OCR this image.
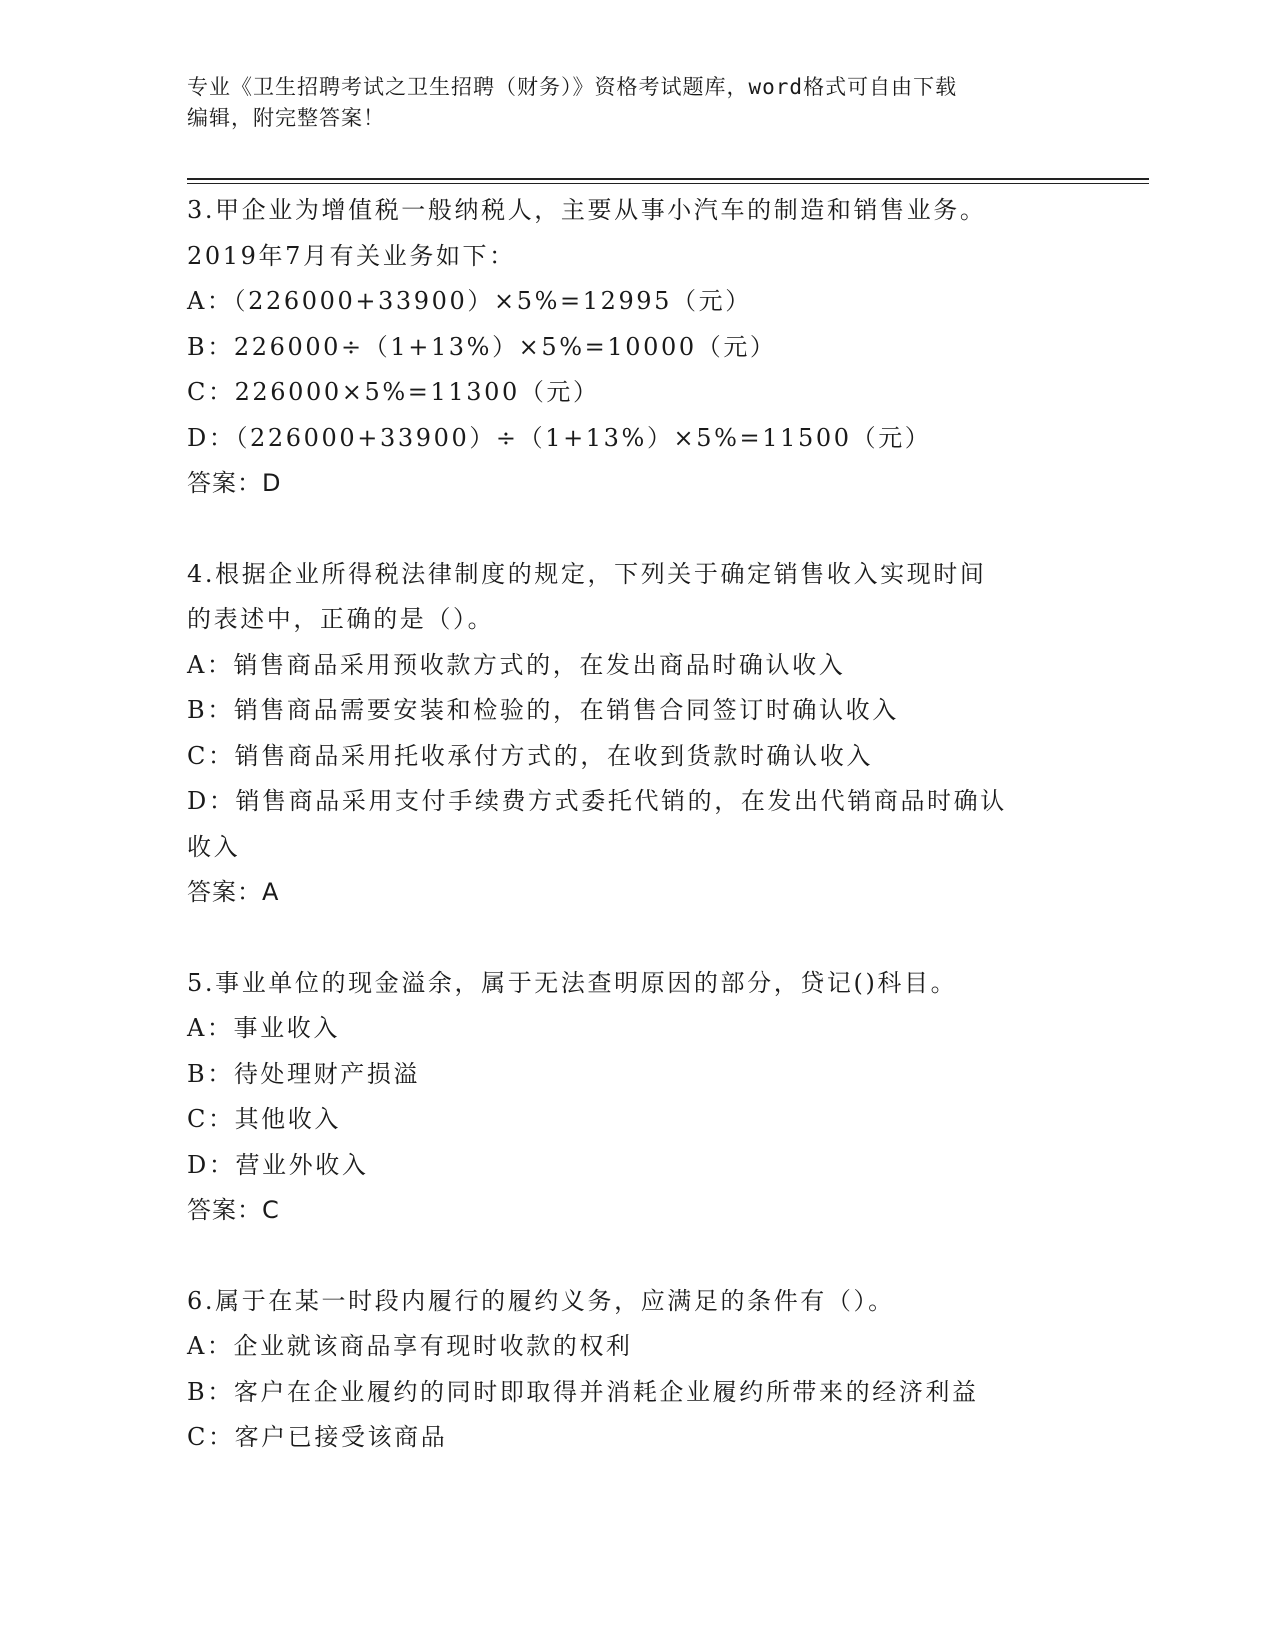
专业《卫生招聘考试之卫生招聘（财务）》资格考试题库，word格式可自由下载
编辑，附完整答案！
3.甲企业为增值税一般纳税人，主要从事小汽车的制造和销售业务。
2019年7月有关业务如下：
A：（226000+33900）×5%=12995（元）
B：226000÷（1+13%）×5%=10000（元）
C：226000×5%=11300（元）
D：（226000+33900）÷（1+13%）×5%=11500（元）
答案：D
4.根据企业所得税法律制度的规定，下列关于确定销售收入实现时间
的表述中，正确的是（）。
A：销售商品采用预收款方式的，在发出商品时确认收入
B：销售商品需要安装和检验的，在销售合同签订时确认收入
C：销售商品采用托收承付方式的，在收到货款时确认收入
D：销售商品采用支付手续费方式委托代销的，在发出代销商品时确认
收入
答案：A
5.事业单位的现金溢余，属于无法查明原因的部分，贷记()科目。
A：事业收入
B：待处理财产损溢
C：其他收入
D：营业外收入
答案：C
6.属于在某一时段内履行的履约义务，应满足的条件有（）。
A：企业就该商品享有现时收款的权利
B：客户在企业履约的同时即取得并消耗企业履约所带来的经济利益
C：客户已接受该商品
